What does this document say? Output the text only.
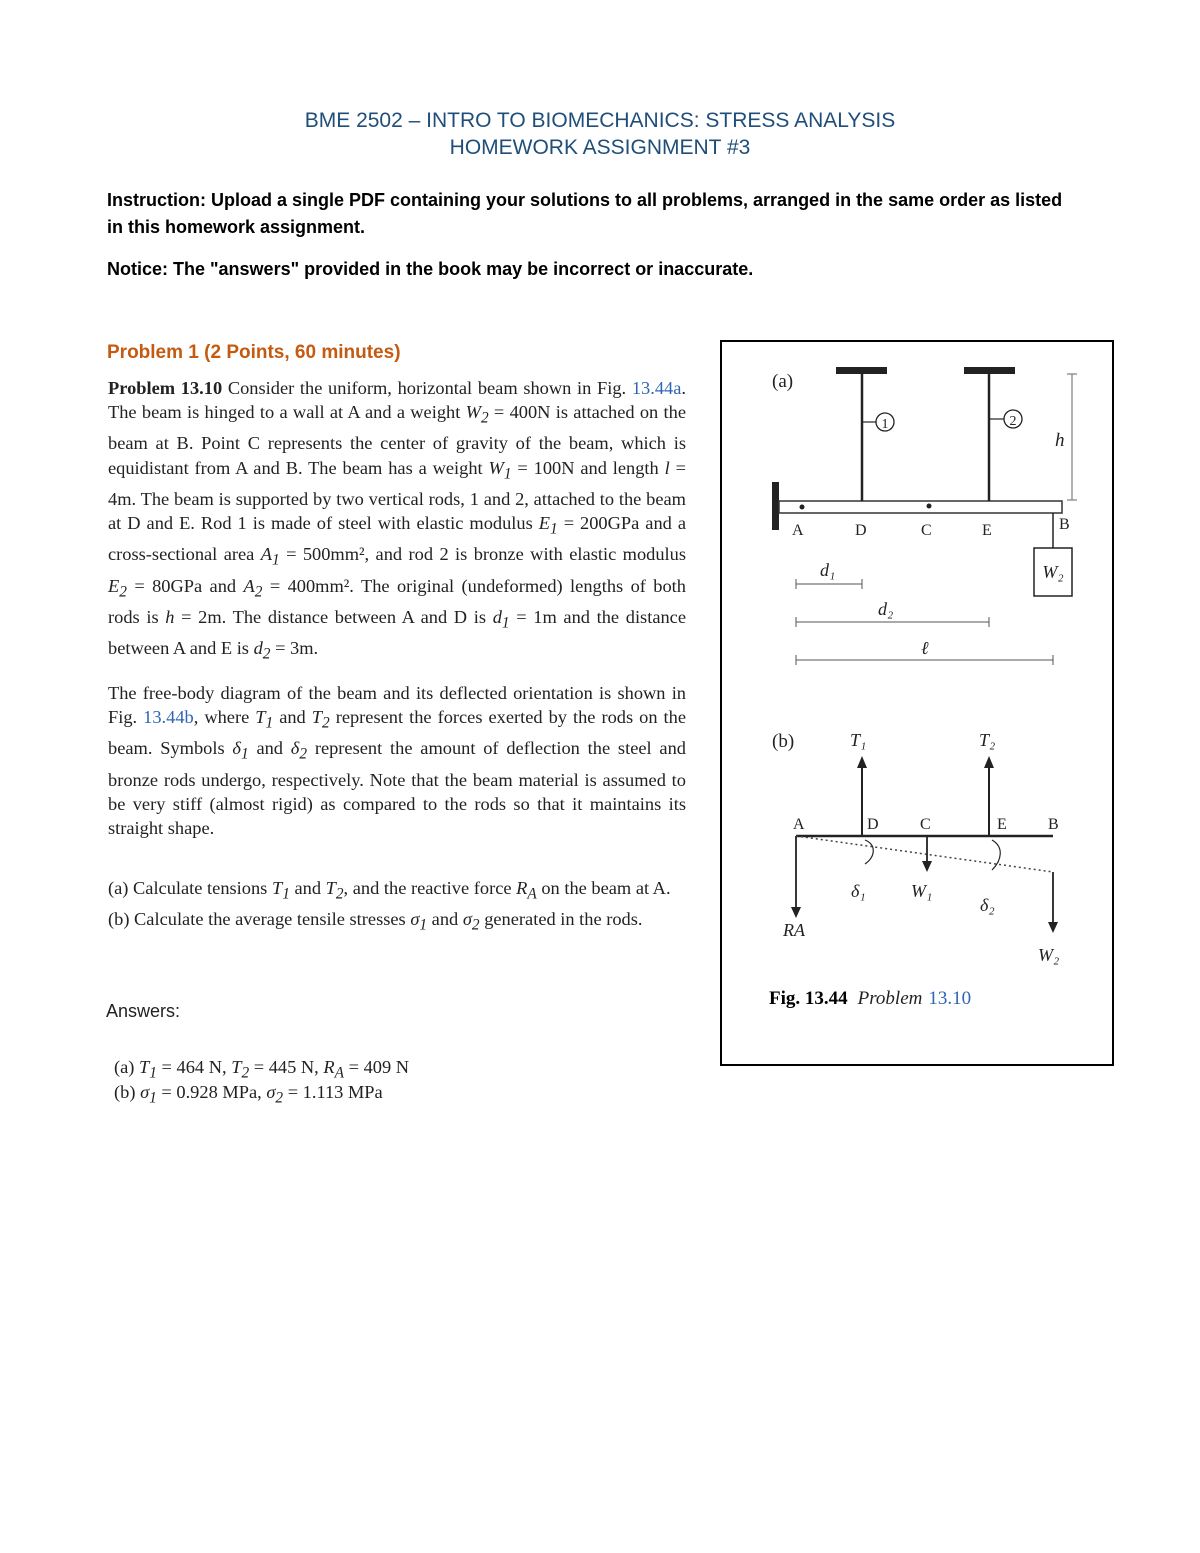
BME 2502 – INTRO TO BIOMECHANICS: STRESS ANALYSIS
HOMEWORK ASSIGNMENT #3
Instruction: Upload a single PDF containing your solutions to all problems, arranged in the same order as listed in this homework assignment.
Notice: The "answers" provided in the book may be incorrect or inaccurate.
Problem 1 (2 Points, 60 minutes)
Problem 13.10 Consider the uniform, horizontal beam shown in Fig. 13.44a. The beam is hinged to a wall at A and a weight $W_2 = 400N$ is attached on the beam at B. Point C represents the center of gravity of the beam, which is equidistant from A and B. The beam has a weight $W_1 = 100N$ and length l = 4m. The beam is supported by two vertical rods, 1 and 2, attached to the beam at D and E. Rod 1 is made of steel with elastic modulus $E_1 = 200GPa$ and a cross-sectional area $A_1 = 500mm^2$, and rod 2 is bronze with elastic modulus $E_2 = 80GPa$ and $A_2 = 400mm^2$. The original (undeformed) lengths of both rods is h = 2m. The distance between A and D is $d_1 = 1m$ and the distance between A and E is $d_2 = 3m$.
The free-body diagram of the beam and its deflected orientation is shown in Fig. 13.44b, where $T_1$ and $T_2$ represent the forces exerted by the rods on the beam. Symbols $\delta_1$ and $\delta_2$ represent the amount of deflection the steel and bronze rods undergo, respectively. Note that the beam material is assumed to be very stiff (almost rigid) as compared to the rods so that it maintains its straight shape.
(a) Calculate tensions $T_1$ and $T_2$, and the reactive force $R_A$ on the beam at A.
(b) Calculate the average tensile stresses $\sigma_1$ and $\sigma_2$ generated in the rods.
Answers:
(a) $T_1 = 464$ N, $T_2 = 445$ N, $R_A = 409$ N
(b) $\sigma_1 = 0.928$ MPa, $\sigma_2 = 1.113$ MPa
(a)
1	2
h
A	D	C	E	B
W₂
d₁
d₂
ℓ
(b)	T₁	T₂
A	D	C	E	B
δ₁	W₁
δ₂
RA
W₂
Fig. 13.44 Problem 13.10
